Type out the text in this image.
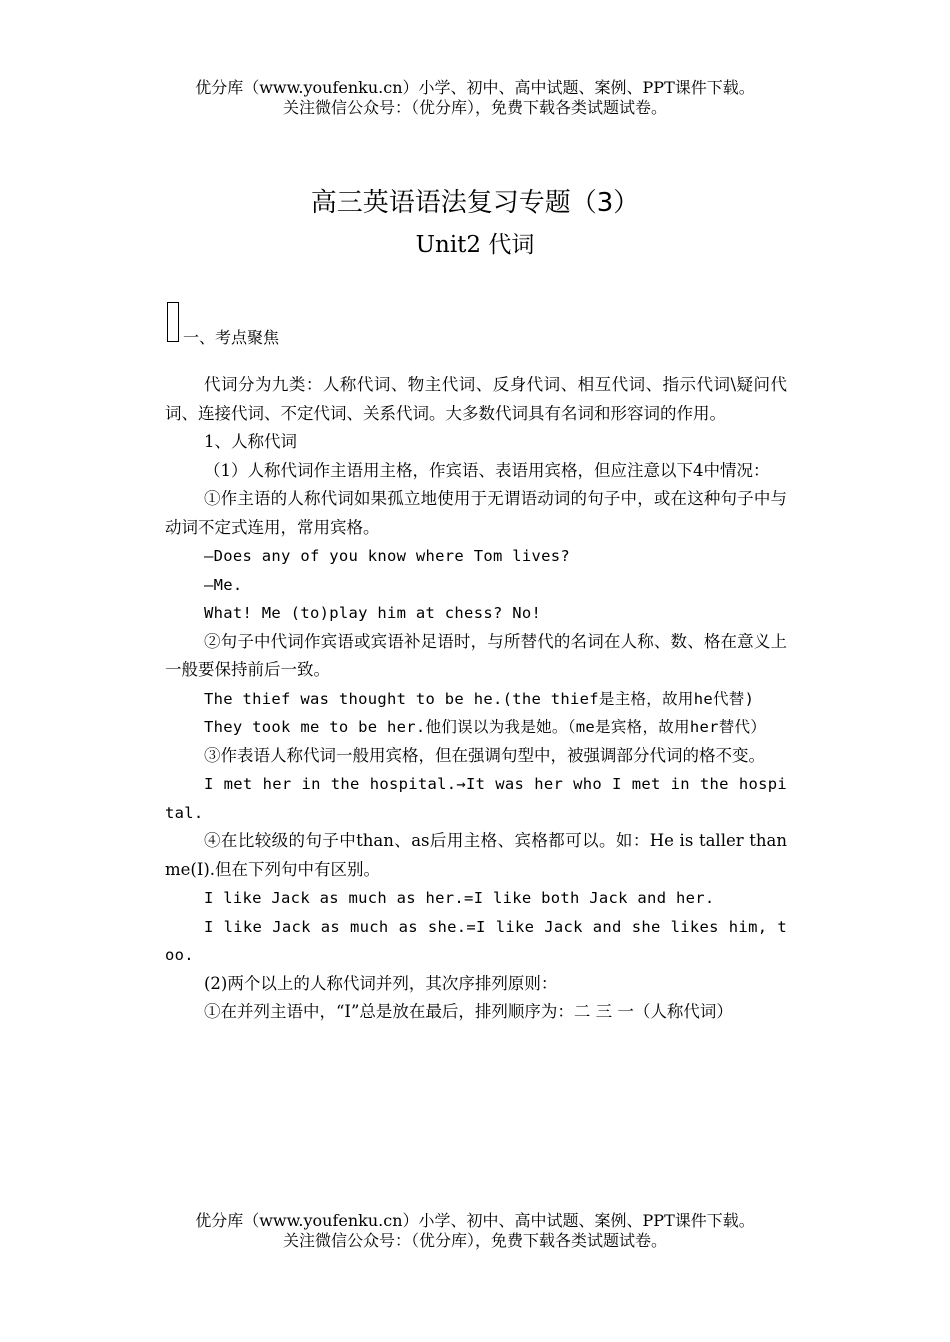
优分库（www.youfenku.cn）小学、初中、高中试题、案例、PPT课件下载。
关注微信公众号：（优分库），免费下载各类试题试卷。
高三英语语法复习专题（3）
Unit2 代词
一、考点聚焦

代词分为九类：人称代词、物主代词、反身代词、相互代词、指示代词\疑问代词、连接代词、不定代词、关系代词。大多数代词具有名词和形容词的作用。

1、人称代词

（1）人称代词作主语用主格，作宾语、表语用宾格，但应注意以下4中情况：

①作主语的人称代词如果孤立地使用于无谓语动词的句子中，或在这种句子中与动词不定式连用，常用宾格。

—Does any of you know where Tom lives?

—Me.

What! Me (to)play him at chess? No!

②句子中代词作宾语或宾语补足语时，与所替代的名词在人称、数、格在意义上一般要保持前后一致。

The thief was thought to be he.(the thief是主格，故用he代替)

They took me to be her.他们误以为我是她。（me是宾格，故用her替代）

③作表语人称代词一般用宾格，但在强调句型中，被强调部分代词的格不变。

I met her in the hospital.→It was her who I met in the hospital.

④在比较级的句子中than、as后用主格、宾格都可以。如：He is taller than me(I).但在下列句中有区别。

I like Jack as much as her.=I like both Jack and her.

I like Jack as much as she.=I like Jack and she likes him, too.

(2)两个以上的人称代词并列，其次序排列原则：

①在并列主语中，“I”总是放在最后，排列顺序为：二 三 一（人称代词）

优分库（www.youfenku.cn）小学、初中、高中试题、案例、PPT课件下载。
关注微信公众号：（优分库），免费下载各类试题试卷。
